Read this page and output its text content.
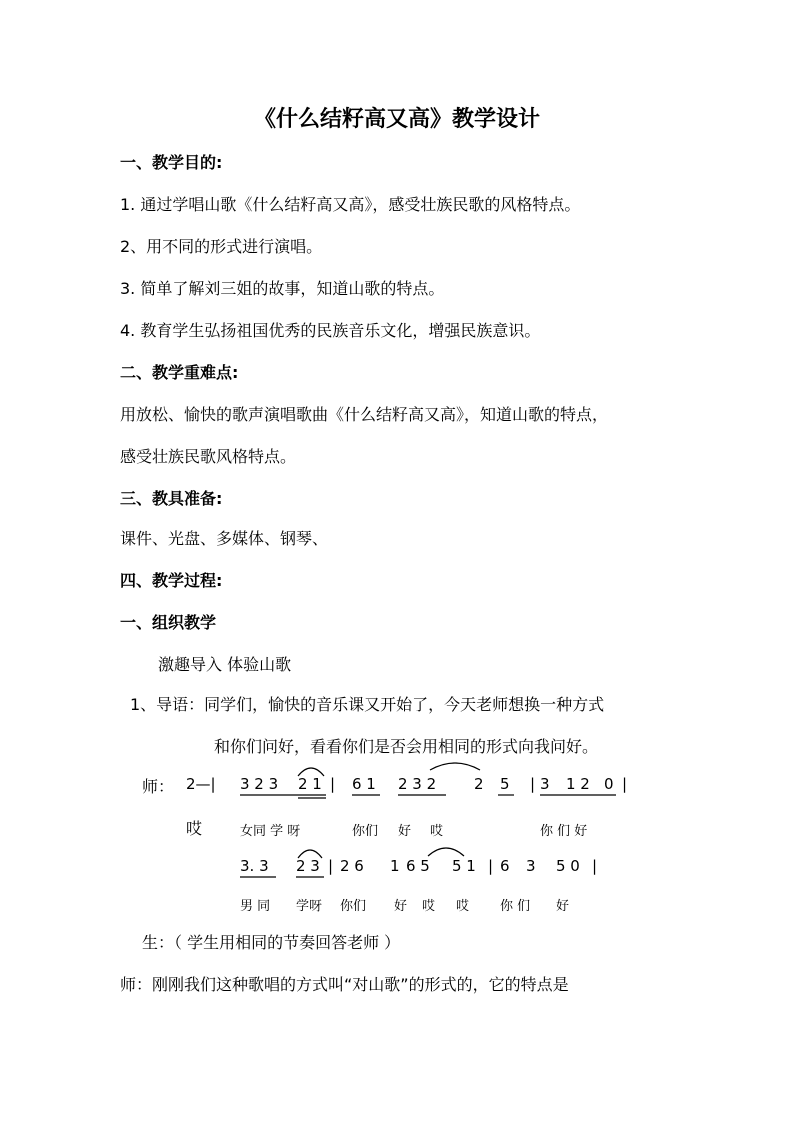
《什么结籽高又高》教学设计
一、教学目的:
1. 通过学唱山歌《什么结籽高又高》，感受壮族民歌的风格特点。
2、用不同的形式进行演唱。
3. 简单了解刘三姐的故事，知道山歌的特点。
4. 教育学生弘扬祖国优秀的民族音乐文化，增强民族意识。
二、教学重难点:
用放松、愉快的歌声演唱歌曲《什么结籽高又高》，知道山歌的特点，
感受壮族民歌风格特点。
三、教具准备:
课件、光盘、多媒体、钢琴、
四、教学过程:
一、组织教学
激趣导入 体验山歌
1、导语：同学们，愉快的音乐课又开始了，今天老师想换一种方式
和你们问好，看看你们是否会用相同的形式向我问好。
师： 2—| 3 2 3 2 1 | 6 1 2 3 2	2 5 | 3 1 2 0 |
哎	女同 学 呀	你们 好 哎	你 们 好
3. 3 2 3 | 2 6 1 6 5 5 1 | 6 3 5 0 |
男 同 学呀 你们 好 哎 哎 你 们 好
生：（ 学生用相同的节奏回答老师 ）
师：刚刚我们这种歌唱的方式叫“对山歌”的形式的，它的特点是
